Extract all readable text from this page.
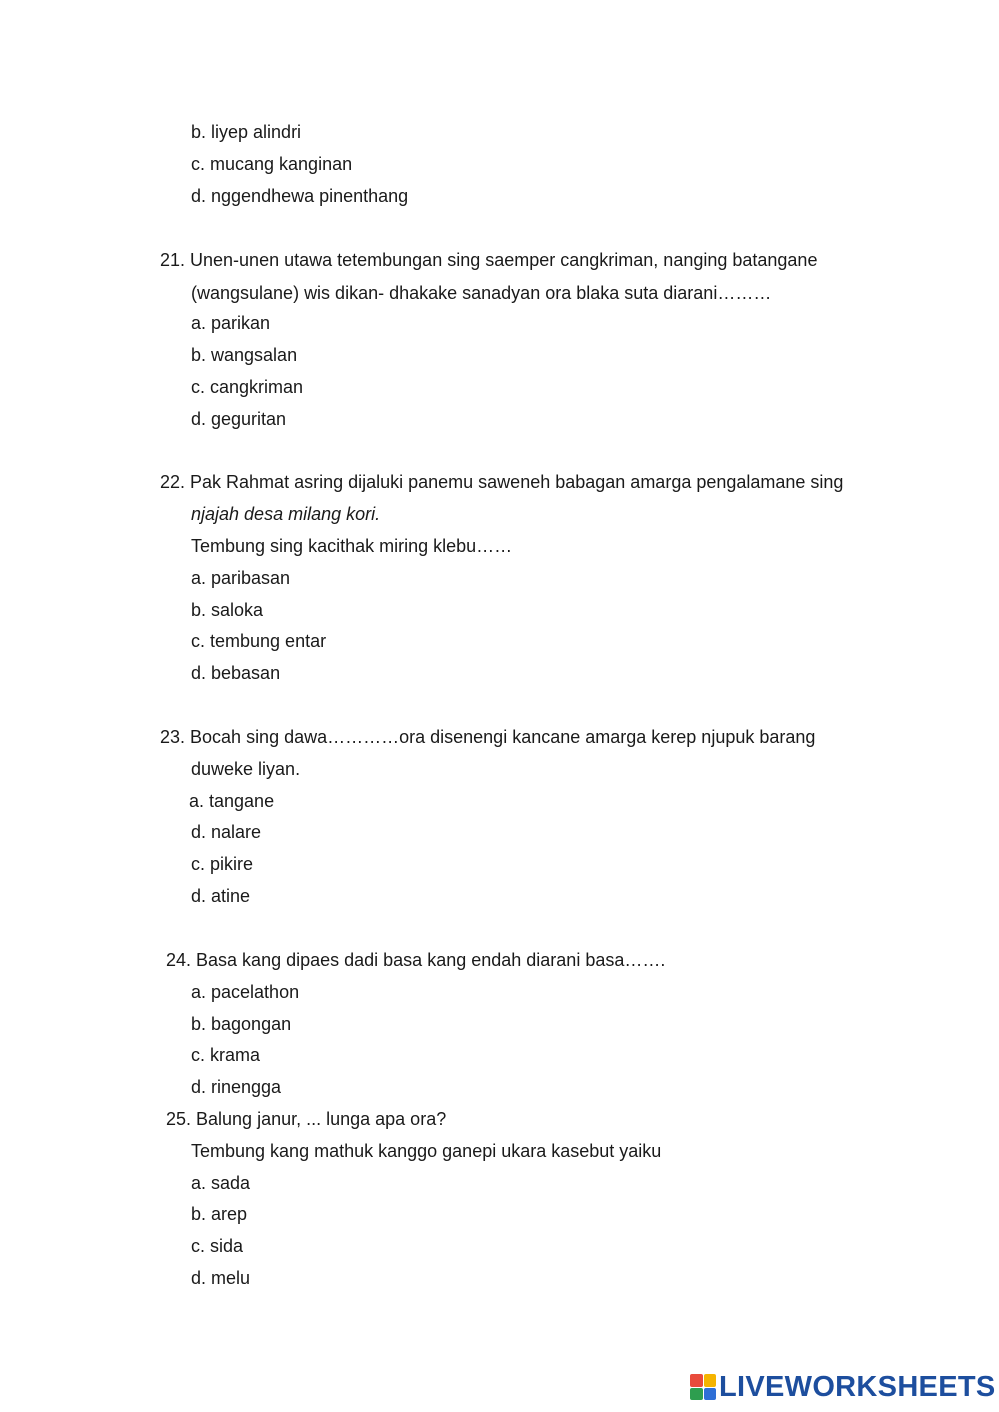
b. liyep alindri
c. mucang kanginan
d. nggendhewa pinenthang
21. Unen-unen utawa tetembungan sing saemper cangkriman, nanging batangane
(wangsulane) wis dikan- dhakake sanadyan ora blaka suta diarani………
a. parikan
b. wangsalan
c. cangkriman
d. geguritan
22. Pak Rahmat asring dijaluki panemu saweneh babagan amarga pengalamane sing
njajah desa milang kori.
Tembung sing kacithak miring klebu……
a. paribasan
b. saloka
c. tembung entar
d. bebasan
23. Bocah sing dawa…………ora disenengi kancane amarga kerep njupuk barang
duweke liyan.
a. tangane
d. nalare
c. pikire
d. atine
24. Basa kang dipaes dadi basa kang endah diarani basa…….
a. pacelathon
b. bagongan
c. krama
d. rinengga
25. Balung janur, ... lunga apa ora?
Tembung kang mathuk kanggo ganepi ukara kasebut yaiku
a. sada
b. arep
c. sida
d. melu
LIVEWORKSHEETS
